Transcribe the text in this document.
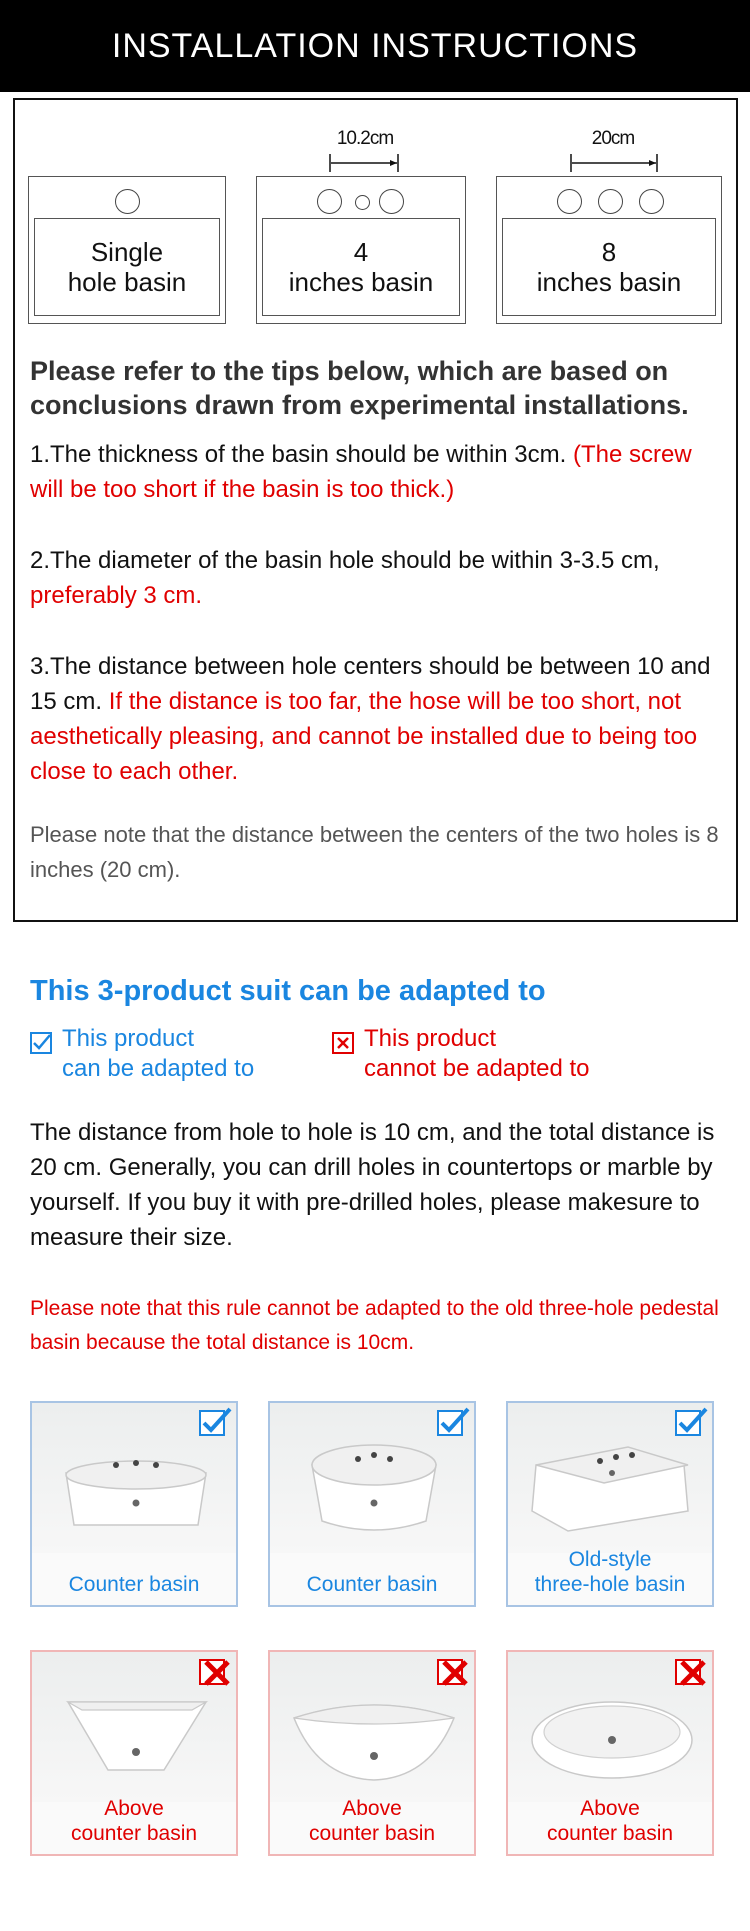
INSTALLATION INSTRUCTIONS
Single
hole basin
10.2cm
4
inches basin
20cm
8
inches basin
Please refer to the tips below, which are based on conclusions drawn from experimental installations.
1.The thickness of the basin should be within 3cm. (The screw will be too short if the basin is too thick.)
2.The diameter of the basin hole should be within 3-3.5 cm, preferably 3 cm.
3.The distance between hole centers should be between 10 and 15 cm. If the distance is too far, the hose will be too short, not aesthetically pleasing, and cannot be installed due to being too close to each other.
Please note that the distance between the centers of the two holes is 8 inches (20 cm).
This 3-product suit can be adapted to
This product
can be adapted to
This product
cannot be adapted to
The distance from hole to hole is 10 cm, and the total distance is 20 cm. Generally, you can drill holes in countertops or marble by yourself. If you buy it with pre-drilled holes, please makesure to measure their size.
Please note that this rule cannot be adapted to the old three-hole pedestal basin because the total distance is 10cm.
Counter basin	Counter basin
Old-style
three-hole basin
Above
counter basin
Above
counter basin
Above
counter basin
